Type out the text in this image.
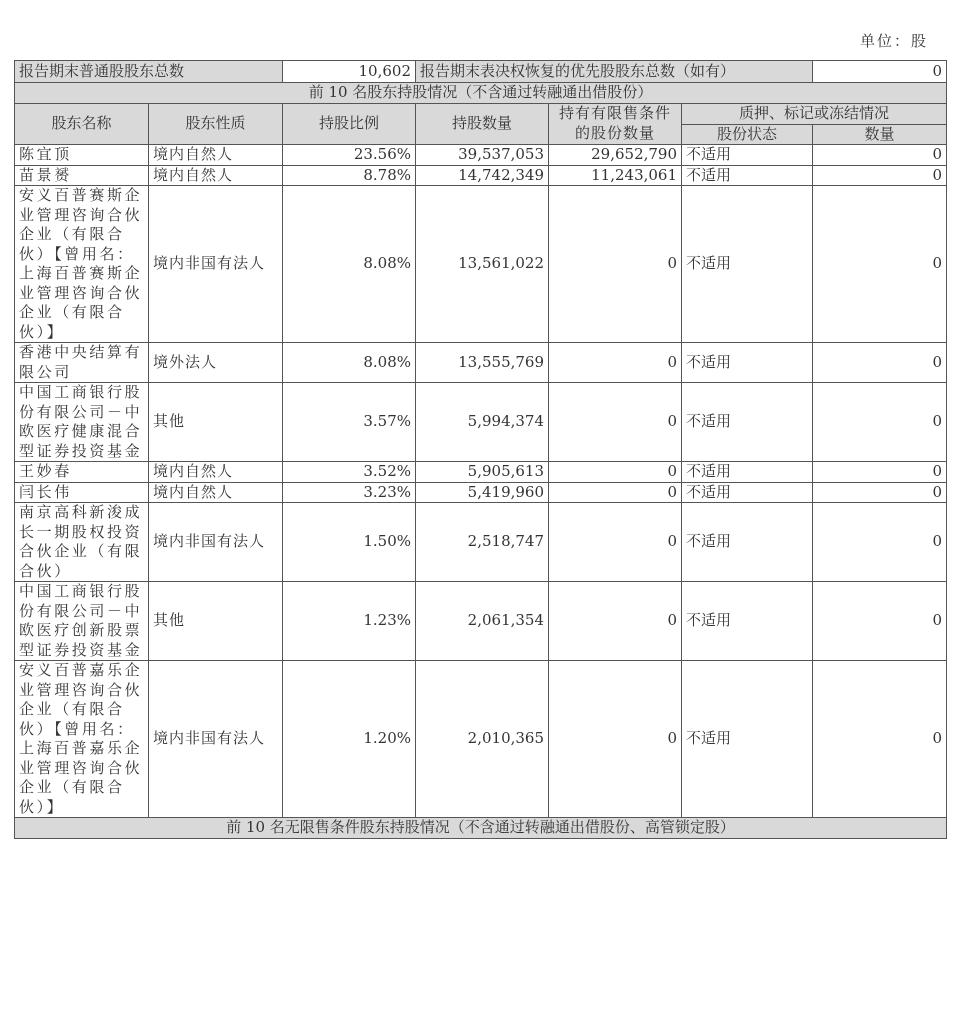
单位：股
报告期末普通股股东总数		10,602	报告期末表决权恢复的优先股股东总数（如有）			0
前 10 名股东持股情况（不含通过转融通出借股份）						
股东名称	股东性质	持股比例	持股数量	持有有限售条件的股份数量	质押、标记或冻结情况	
					股份状态	数量
陈宜顶	境内自然人	23.56%	39,537,053	29,652,790	不适用	0
苗景赟	境内自然人	8.78%	14,742,349	11,243,061	不适用	0
安义百普赛斯企业管理咨询合伙企业（有限合伙）【曾用名：上海百普赛斯企业管理咨询合伙企业（有限合伙）】	境内非国有法人	8.08%	13,561,022	0	不适用	0
香港中央结算有限公司	境外法人	8.08%	13,555,769	0	不适用	0
中国工商银行股份有限公司－中欧医疗健康混合型证券投资基金	其他	3.57%	5,994,374	0	不适用	0
王妙春	境内自然人	3.52%	5,905,613	0	不适用	0
闫长伟	境内自然人	3.23%	5,419,960	0	不适用	0
南京高科新浚成长一期股权投资合伙企业（有限合伙）	境内非国有法人	1.50%	2,518,747	0	不适用	0
中国工商银行股份有限公司－中欧医疗创新股票型证券投资基金	其他	1.23%	2,061,354	0	不适用	0
安义百普嘉乐企业管理咨询合伙企业（有限合伙）【曾用名：上海百普嘉乐企业管理咨询合伙企业（有限合伙）】	境内非国有法人	1.20%	2,010,365	0	不适用	0
前 10 名无限售条件股东持股情况（不含通过转融通出借股份、高管锁定股）						
